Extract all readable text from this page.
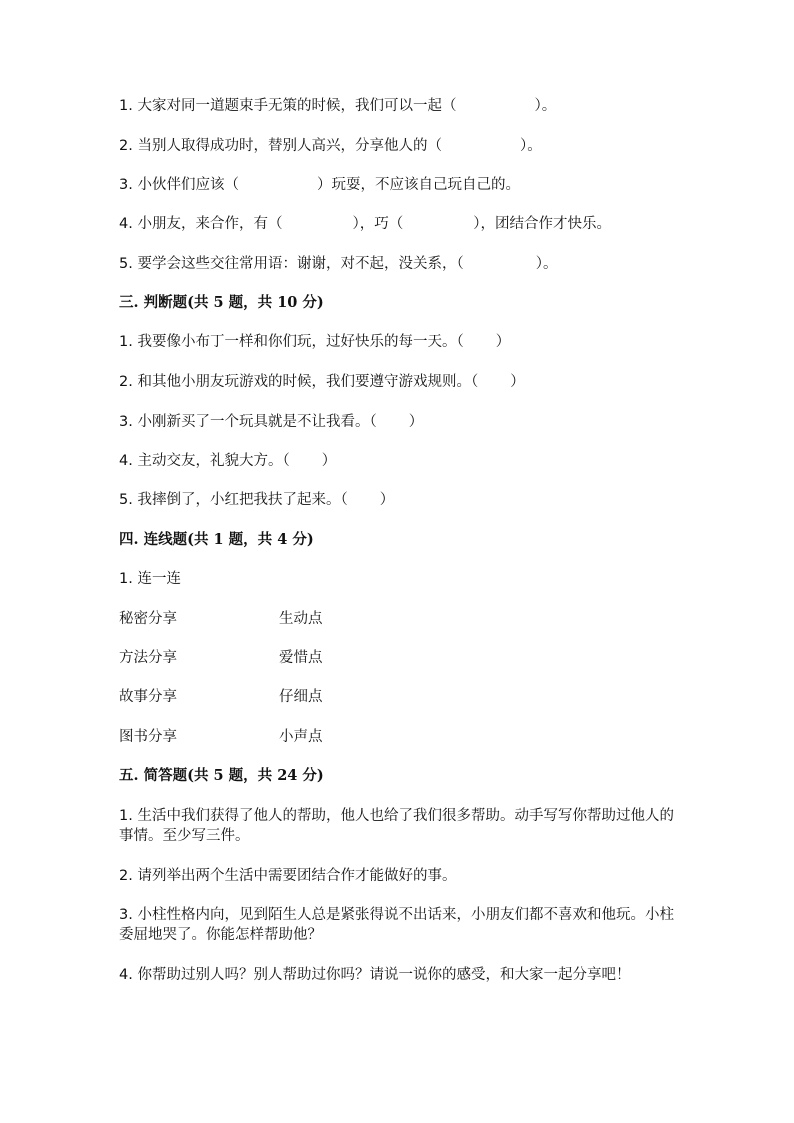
1. 大家对同一道题束手无策的时候，我们可以一起（	）。
2. 当别人取得成功时，替别人高兴，分享他人的（	）。
3. 小伙伴们应该（	）玩耍，不应该自己玩自己的。
4. 小朋友，来合作，有（	），巧（	），团结合作才快乐。
5. 要学会这些交往常用语：谢谢，对不起，没关系，（	）。
三. 判断题(共 5 题，共 10 分)
1. 我要像小布丁一样和你们玩，过好快乐的每一天。（ ）
2. 和其他小朋友玩游戏的时候，我们要遵守游戏规则。（ ）
3. 小刚新买了一个玩具就是不让我看。（ ）
4. 主动交友，礼貌大方。（ ）
5. 我摔倒了，小红把我扶了起来。（ ）
四. 连线题(共 1 题，共 4 分)
1. 连一连
秘密分享	生动点
方法分享	爱惜点
故事分享	仔细点
图书分享	小声点
五. 简答题(共 5 题，共 24 分)
1. 生活中我们获得了他人的帮助，他人也给了我们很多帮助。动手写写你帮助过他人的事情。至少写三件。
2. 请列举出两个生活中需要团结合作才能做好的事。
3. 小柱性格内向，见到陌生人总是紧张得说不出话来，小朋友们都不喜欢和他玩。小柱委屈地哭了。你能怎样帮助他？
4. 你帮助过别人吗？别人帮助过你吗？请说一说你的感受，和大家一起分享吧！
